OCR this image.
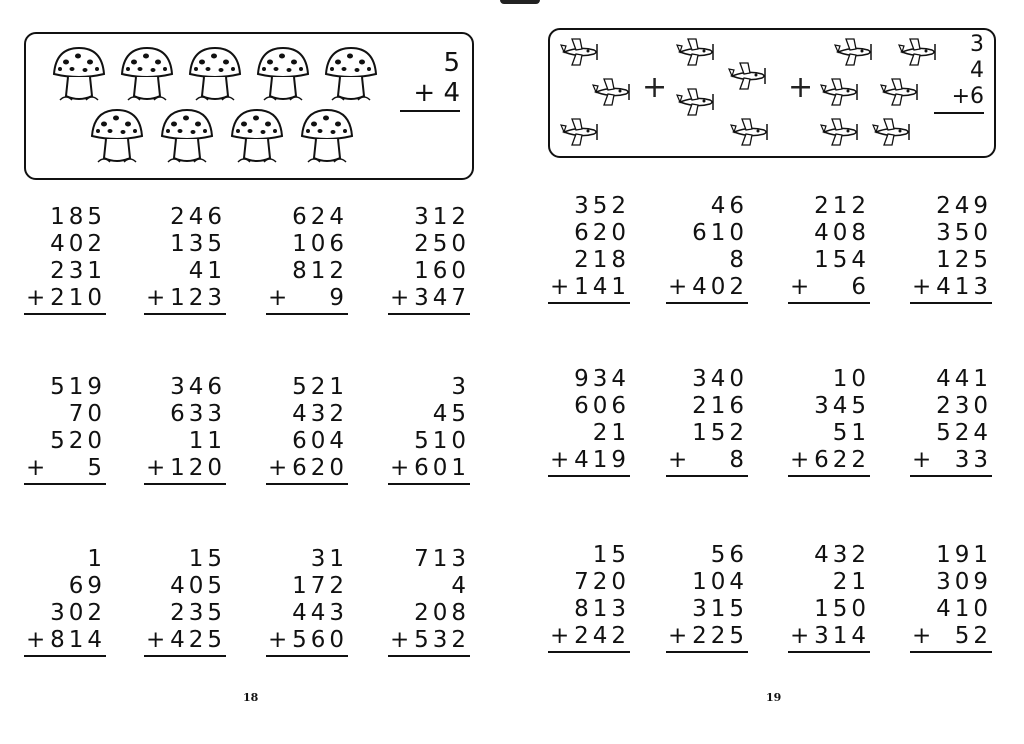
5
+ 4
185
402
231
+ 210
246
135
41
+ 123
624
106
812
+ 9
312
250
160
+ 347
519
70
520
+ 5
346
633
11
+ 120
521
432
604
+ 620
3
45
510
+ 601
1
69
302
+ 814
15
405
235
+ 425
31
172
443
+ 560
713
4
208
+ 532
18
+	+
3
4
+6
352
620
218
+ 141
46
610
8
+ 402
212
408
154
+ 6
249
350
125
+ 413
934
606
21
+ 419
340
216
152
+ 8
10
345
51
+ 622
441
230
524
+ 33
15
720
813
+ 242
56
104
315
+ 225
432
21
150
+ 314
191
309
410
+ 52
19
